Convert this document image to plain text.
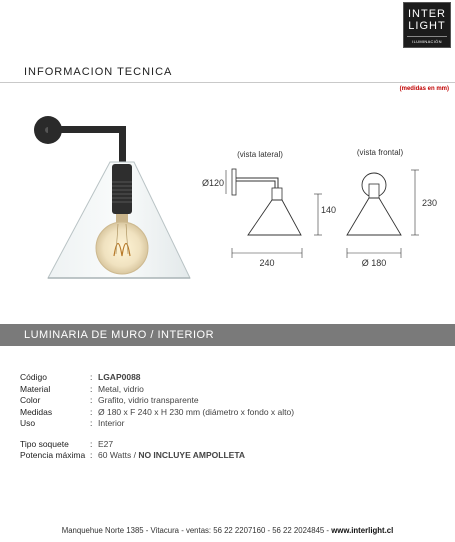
INTER
LIGHT
ILUMINACIÓN
INFORMACION TECNICA
(medidas en mm)
(vista lateral)
Ø120
140
240
(vista frontal)
230
Ø 180
LUMINARIA DE MURO / INTERIOR
Código	: LGAP0088
Material	: Metal, vidrio
Color	: Grafito, vidrio transparente
Medidas	: Ø 180 x F 240 x H 230 mm (diámetro x fondo x alto)
Uso	: Interior
Tipo soquete : E27
Potencia máxima : 60 Watts / NO INCLUYE AMPOLLETA
Manquehue Norte 1385 - Vitacura - ventas: 56 22 2207160 - 56 22 2024845 - www.interlight.cl
